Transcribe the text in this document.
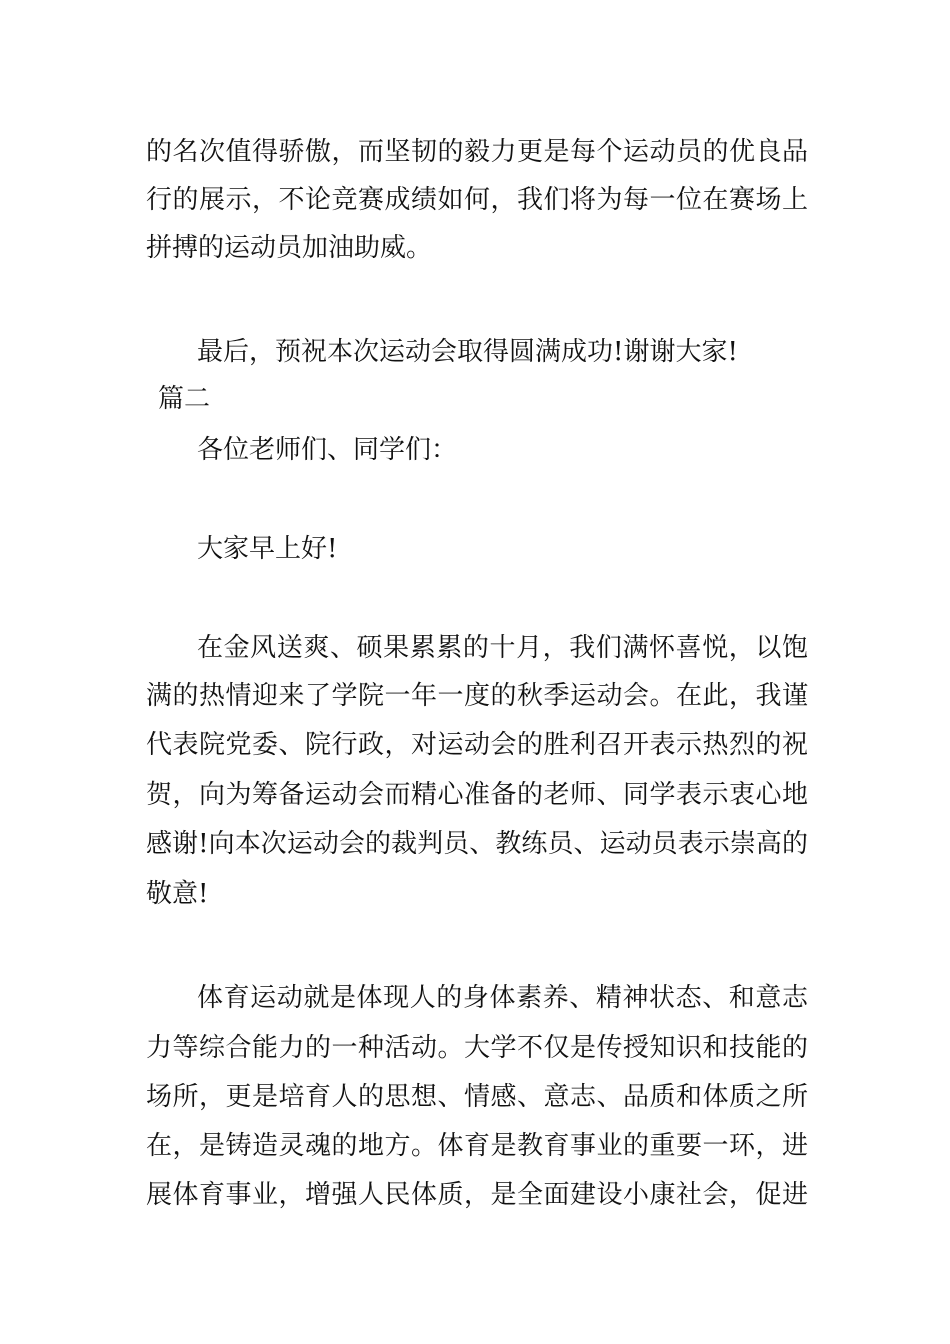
的名次值得骄傲，而坚韧的毅力更是每个运动员的优良品
行的展示，不论竞赛成绩如何，我们将为每一位在赛场上
拼搏的运动员加油助威。
最后，预祝本次运动会取得圆满成功!谢谢大家!
篇二
各位老师们、同学们：
大家早上好!
在金风送爽、硕果累累的十月，我们满怀喜悦，以饱
满的热情迎来了学院一年一度的秋季运动会。在此，我谨
代表院党委、院行政，对运动会的胜利召开表示热烈的祝
贺，向为筹备运动会而精心准备的老师、同学表示衷心地
感谢!向本次运动会的裁判员、教练员、运动员表示崇高的
敬意!
体育运动就是体现人的身体素养、精神状态、和意志
力等综合能力的一种活动。大学不仅是传授知识和技能的
场所，更是培育人的思想、情感、意志、品质和体质之所
在，是铸造灵魂的地方。体育是教育事业的重要一环，进
展体育事业，增强人民体质，是全面建设小康社会，促进
